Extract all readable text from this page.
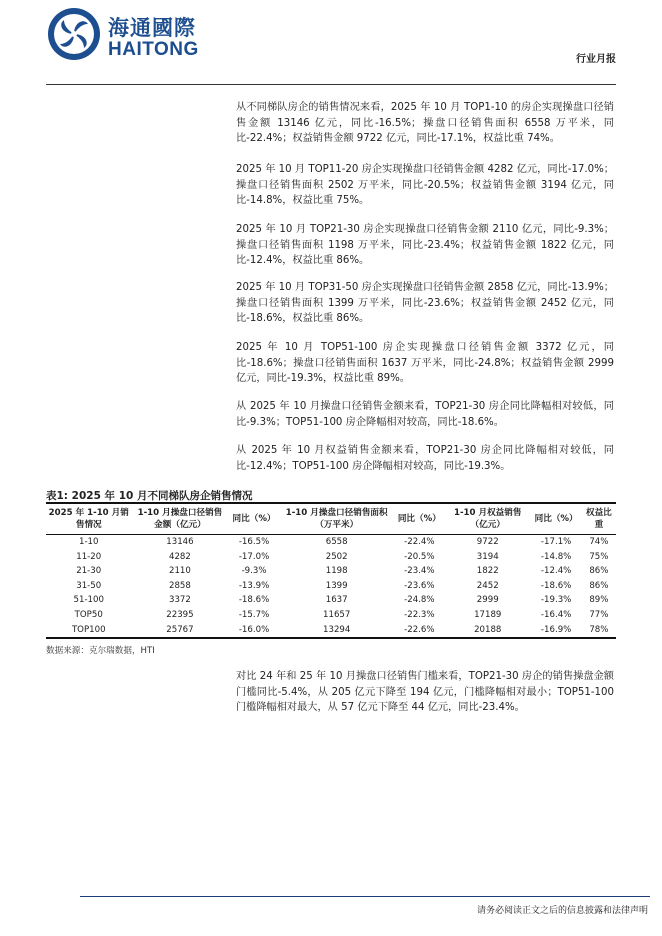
海通國際
HAITONG	行业月报

从不同梯队房企的销售情况来看，2025 年 10 月 TOP1-10 的房企实现操盘口径销售金额 13146 亿元，同比-16.5%；操盘口径销售面积 6558 万平米，同比-22.4%；权益销售金额 9722 亿元，同比-17.1%，权益比重 74%。

2025 年 10 月 TOP11-20 房企实现操盘口径销售金额 4282 亿元，同比-17.0%；操盘口径销售面积 2502 万平米，同比-20.5%；权益销售金额 3194 亿元，同比-14.8%，权益比重 75%。

2025 年 10 月 TOP21-30 房企实现操盘口径销售金额 2110 亿元，同比-9.3%；操盘口径销售面积 1198 万平米，同比-23.4%；权益销售金额 1822 亿元，同比-12.4%，权益比重 86%。

2025 年 10 月 TOP31-50 房企实现操盘口径销售金额 2858 亿元，同比-13.9%；操盘口径销售面积 1399 万平米，同比-23.6%；权益销售金额 2452 亿元，同比-18.6%，权益比重 86%。

2025 年 10 月 TOP51-100 房企实现操盘口径销售金额 3372 亿元，同比-18.6%；操盘口径销售面积 1637 万平米，同比-24.8%；权益销售金额 2999 亿元，同比-19.3%，权益比重 89%。

从 2025 年 10 月操盘口径销售金额来看，TOP21-30 房企同比降幅相对较低，同比-9.3%；TOP51-100 房企降幅相对较高，同比-18.6%。

从 2025 年 10 月权益销售金额来看，TOP21-30 房企同比降幅相对较低，同比-12.4%；TOP51-100 房企降幅相对较高，同比-19.3%。

表1: 2025 年 10 月不同梯队房企销售情况
2025 年 1-10 月销售情况	1-10 月操盘口径销售金额（亿元）	同比（%）	1-10 月操盘口径销售面积（万平米）	同比（%）	1-10 月权益销售（亿元）	同比（%）	权益比重
1-10	13146	-16.5%	6558	-22.4%	9722	-17.1%	74%
11-20	4282	-17.0%	2502	-20.5%	3194	-14.8%	75%
21-30	2110	-9.3%	1198	-23.4%	1822	-12.4%	86%
31-50	2858	-13.9%	1399	-23.6%	2452	-18.6%	86%
51-100	3372	-18.6%	1637	-24.8%	2999	-19.3%	89%
TOP50	22395	-15.7%	11657	-22.3%	17189	-16.4%	77%
TOP100	25767	-16.0%	13294	-22.6%	20188	-16.9%	78%
数据来源：克尔瑞数据，HTI

对比 24 年和 25 年 10 月操盘口径销售门槛来看，TOP21-30 房企的销售操盘金额门槛同比-5.4%，从 205 亿元下降至 194 亿元，门槛降幅相对最小；TOP51-100 门槛降幅相对最大，从 57 亿元下降至 44 亿元，同比-23.4%。

请务必阅读正文之后的信息披露和法律声明
